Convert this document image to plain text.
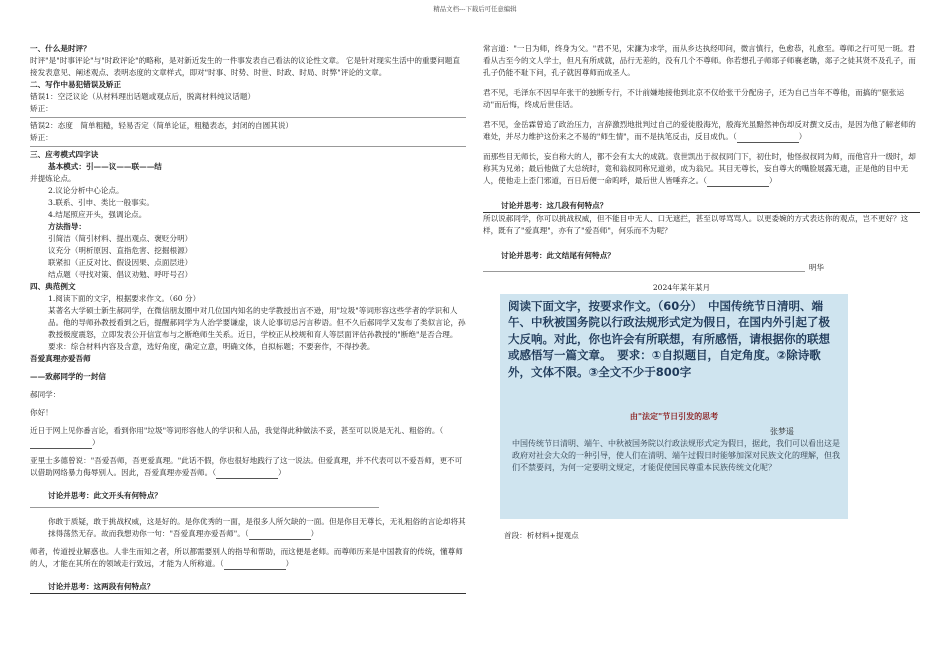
精品文档---下载后可任意编辑

一、什么是时评？

时评"是"时事评论"与"时政评论"的略称，是对新近发生的一件事发表自己看法的议论性文章。 它是针对现实生活中的重要问题直接发表意见、阐述观点、表明态度的文章样式，即对"时事、时势、时世、时政、时局、时弊"评论的文章。

二、写作中易犯错误及矫正

错误1：空泛议论（从材料理出话题或观点后，脱离材料纯议话题）

矫正：

错误2：态度　简单粗糙，轻易否定（简单论证，粗糙表态，封闭的自圆其说）

矫正：

三、应考模式四字诀

基本模式：引——议——联——结

并提炼论点。

2.议论分析中心论点。

3.联系、引申、类比一般事实。

4.结尾照应开头，强调论点。

方法指导：

引简洁（简引材料、提出观点、褒贬分明）

议充分（明析原因、直指危害、挖掘根源）

联紧扣（正反对比、假设因果、点面层进）

结点题（寻找对策、倡议劝勉、呼吁号召）

四、典范例文

1.阅读下面的文字，根据要求作文。（60 分）

某著名大学硕士新生郝同学，在微信朋友圈中对几位国内知名的史学教授出言不逊，用"垃圾"等词形容这些学者的学识和人品。他的导师孙教授看到之后，提醒郝同学为人治学要谦虚，谈人论事切忌污言秽语。但不久后郝同学又发布了类似言论，孙教授极度震怒，立即发表公开信宣布与之断绝师生关系。近日，学校正从校规和育人等层面评估孙教授的"断绝"是否合理。

要求：综合材料内容及含意，选好角度，确定立意，明确文体，自拟标题；不要套作，不得抄袭。

吾爱真理亦爱吾师

——致郝同学的一封信

郝同学：

你好！

近日于网上见你番言论，看到你用"垃圾"等词形容他人的学识和人品，我觉得此种做法不妥，甚至可以说是无礼、粗俗的。（）

亚里士多德曾说："吾爱吾师，吾更爱真理。"此话不假，你也很好地践行了这一说法。但爱真理，并不代表可以不爱吾师，更不可以借助网络暴力侮辱别人。因此，吾爱真理亦爱吾师。（	）

讨论并思考：此文开头有何特点？

你敢于质疑，敢于挑战权威，这是好的。是你优秀的一面，是很多人所欠缺的一面。但是你目无尊长，无礼粗俗的言论却将其抹得荡然无存。故而我想劝你一句："吾爱真理亦爱吾师"。（	）

师者，传道授业解惑也。人非生而知之者，所以都需要别人的指导和帮助，而这便是老师。而尊师历来是中国教育的传统，懂尊师的人，才能在其所在的领域走行致远，才能为人所称道。（	）

讨论并思考：这两段有何特点？

常言道："一日为师，终身为父。"君不见，宋濂为求学，而从乡达执经叩问，微言慎行，色愈恭，礼愈至。尊师之行可见一斑。君看从古至今的文人学士，但凡有所成就，品行无差的，没有几个不尊师。你若想孔子师郯子师襄老聃，郯子之徒其贤不及孔子，而孔子仍能不耻下问，孔子就因尊师而成圣人。

君不见，毛泽东不因早年张干的独断专行，不计前嫌地接他到北京不仅给张干分配房子，还为自己当年不尊他，而搞的"驱张运动"而后悔，终成后世佳话。

君不见，金岳霖曾追了政治压力，言辞激烈地批判过自己的爱徒殷海光，殷海光虽黯然神伤却反对撰文反击，是因为他了解老师的难处，并尽力维护这份来之不易的"师生情"，而不是执笔反击，反目成仇。（	）

而那些目无师长，妄自称大的人，都不会有太大的成就。袁世凯出于叔叔同门下，初仕时，他怪叔叔同为师，而他官升一级时，却称其为兄弟；最后他做了大总统时，竟和翁叔同称兄道弟，成为翁兄。其目无尊长，妄自尊大的嘴脸展露无遗，正是他的目中无人，使他走上歪门邪道，百日后便一命呜呼，最后世人皆唾弃之。（	）

讨论并思考：这几段有何特点？

所以说郝同学，你可以挑战权威，但不能目中无人、口无遮拦，甚至以辱骂骂人。以更委婉的方式表达你的观点，岂不更好？这样，既有了"爱真理"，亦有了"爱吾师"，何乐而不为呢？

讨论并思考：此文结尾有何特点？

明华

2024年某年某月

阅读下面文字，按要求作文。（60分）　中国传统节日清明、端午、中秋被国务院以行政法规形式定为假日，在国内外引起了极大反响。对此，你也许会有所联想，有所感悟，请根据你的联想或感悟写一篇文章。　要求：①自拟题目，自定角度。②除诗歌外，文体不限。③全文不少于800字
由"法定"节日引发的思考
张梦遥
中国传统节日清明、端午、中秋被国务院以行政法规形式定为假日，据此，我们可以看出这是政府对社会大众的一种引导，使人们在清明、端午过假日时能够加深对民族文化的理解，但我们不禁要问，为何一定要明文规定，才能促使国民尊重本民族传统文化呢？

首段：析材料+提观点
